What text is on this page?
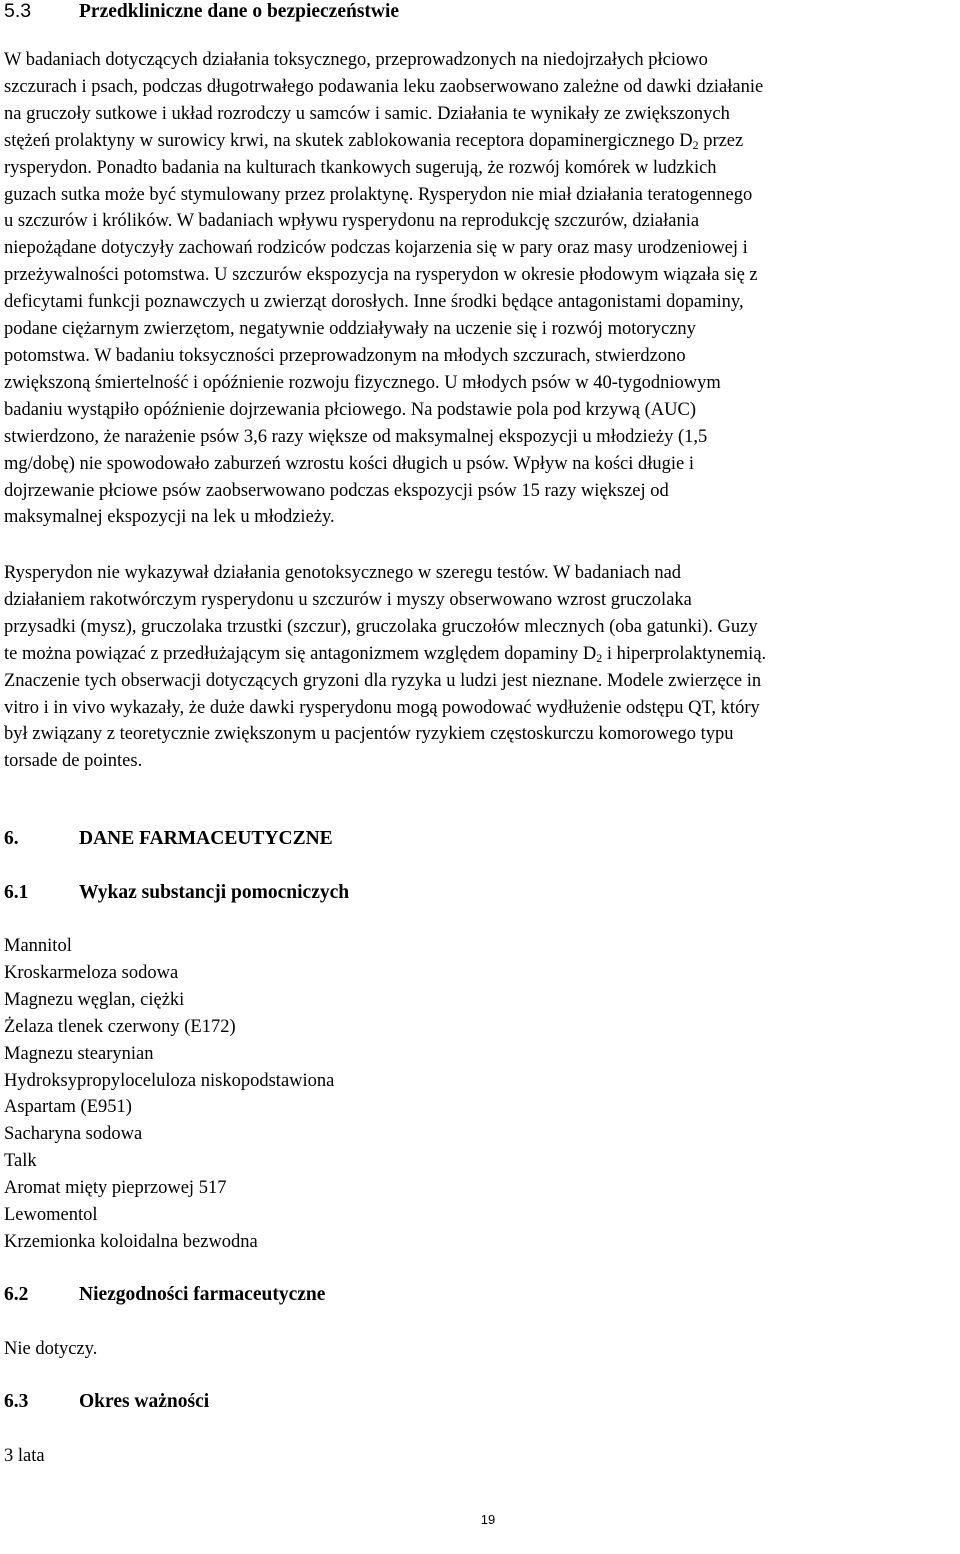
5.3 Przedkliniczne dane o bezpieczeństwie
W badaniach dotyczących działania toksycznego, przeprowadzonych na niedojrzałych płciowo
szczurach i psach, podczas długotrwałego podawania leku zaobserwowano zależne od dawki działanie
na gruczoły sutkowe i układ rozrodczy u samców i samic. Działania te wynikały ze zwiększonych
stężeń prolaktyny w surowicy krwi, na skutek zablokowania receptora dopaminergicznego $D_2$ przez
rysperydon. Ponadto badania na kulturach tkankowych sugerują, że rozwój komórek w ludzkich
guzach sutka może być stymulowany przez prolaktynę. Rysperydon nie miał działania teratogennego
u szczurów i królików. W badaniach wpływu rysperydonu na reprodukcję szczurów, działania
niepożądane dotyczyły zachowań rodziców podczas kojarzenia się w pary oraz masy urodzeniowej i
przeżywalności potomstwa. U szczurów ekspozycja na rysperydon w okresie płodowym wiązała się z
deficytami funkcji poznawczych u zwierząt dorosłych. Inne środki będące antagonistami dopaminy,
podane ciężarnym zwierzętom, negatywnie oddziaływały na uczenie się i rozwój motoryczny
potomstwa. W badaniu toksyczności przeprowadzonym na młodych szczurach, stwierdzono
zwiększoną śmiertelność i opóźnienie rozwoju fizycznego. U młodych psów w 40-tygodniowym
badaniu wystąpiło opóźnienie dojrzewania płciowego. Na podstawie pola pod krzywą (AUC)
stwierdzono, że narażenie psów 3,6 razy większe od maksymalnej ekspozycji u młodzieży (1,5
mg/dobę) nie spowodowało zaburzeń wzrostu kości długich u psów. Wpływ na kości długie i
dojrzewanie płciowe psów zaobserwowano podczas ekspozycji psów 15 razy większej od
maksymalnej ekspozycji na lek u młodzieży.
Rysperydon nie wykazywał działania genotoksycznego w szeregu testów. W badaniach nad
działaniem rakotwórczym rysperydonu u szczurów i myszy obserwowano wzrost gruczolaka
przysadki (mysz), gruczolaka trzustki (szczur), gruczolaka gruczołów mlecznych (oba gatunki). Guzy
te można powiązać z przedłużającym się antagonizmem względem dopaminy $D_2$ i hiperprolaktynemią.
Znaczenie tych obserwacji dotyczących gryzoni dla ryzyka u ludzi jest nieznane. Modele zwierzęce in
vitro i in vivo wykazały, że duże dawki rysperydonu mogą powodować wydłużenie odstępu QT, który
był związany z teoretycznie zwiększonym u pacjentów ryzykiem częstoskurczu komorowego typu
torsade de pointes.
6.	DANE FARMACEUTYCZNE
6.1	Wykaz substancji pomocniczych
Mannitol
Kroskarmeloza sodowa
Magnezu węglan, ciężki
Żelaza tlenek czerwony (E172)
Magnezu stearynian
Hydroksypropyloceluloza niskopodstawiona
Aspartam (E951)
Sacharyna sodowa
Talk
Aromat mięty pieprzowej 517
Lewomentol
Krzemionka koloidalna bezwodna
6.2	Niezgodności farmaceutyczne
Nie dotyczy.
6.3	Okres ważności
3 lata
19
